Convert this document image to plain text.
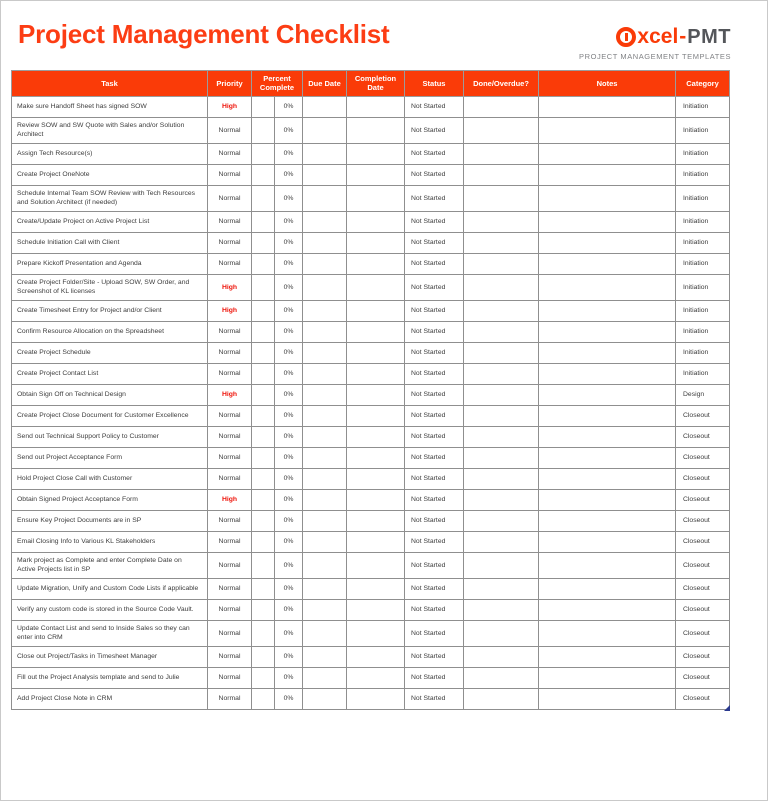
Project Management Checklist	xcel - PMT
PROJECT MANAGEMENT TEMPLATES
Task	Priority	Percent Complete		Due Date	Completion Date	Status	Done/Overdue?	Notes	Category
Make sure Handoff Sheet has signed SOW	High		0%			Not Started			Initiation
Review SOW and SW Quote with Sales and/or Solution Architect	Normal		0%			Not Started			Initiation
Assign Tech Resource(s)	Normal		0%			Not Started			Initiation
Create Project OneNote	Normal		0%			Not Started			Initiation
Schedule Internal Team SOW Review with Tech Resources and Solution Architect (if needed)	Normal		0%			Not Started			Initiation
Create/Update Project on Active Project List	Normal		0%			Not Started			Initiation
Schedule Initiation Call with Client	Normal		0%			Not Started			Initiation
Prepare Kickoff Presentation and Agenda	Normal		0%			Not Started			Initiation
Create Project Folder/Site - Upload SOW, SW Order, and Screenshot of KL licenses	High		0%			Not Started			Initiation
Create Timesheet Entry for Project and/or Client	High		0%			Not Started			Initiation
Confirm Resource Allocation on the Spreadsheet	Normal		0%			Not Started			Initiation
Create Project Schedule	Normal		0%			Not Started			Initiation
Create Project Contact List	Normal		0%			Not Started			Initiation
Obtain Sign Off on Technical Design	High		0%			Not Started			Design
Create Project Close Document for Customer Excellence	Normal		0%			Not Started			Closeout
Send out Technical Support Policy to Customer	Normal		0%			Not Started			Closeout
Send out Project Acceptance Form	Normal		0%			Not Started			Closeout
Hold Project Close Call with Customer	Normal		0%			Not Started			Closeout
Obtain Signed Project Acceptance Form	High		0%			Not Started			Closeout
Ensure Key Project Documents are in SP	Normal		0%			Not Started			Closeout
Email Closing Info to Various KL Stakeholders	Normal		0%			Not Started			Closeout
Mark project as Complete and enter Complete Date on Active Projects list in SP	Normal		0%			Not Started			Closeout
Update Migration, Unify and Custom Code Lists if applicable	Normal		0%			Not Started			Closeout
Verify any custom code is stored in the Source Code Vault.	Normal		0%			Not Started			Closeout
Update Contact List and send to Inside Sales so they can enter into CRM	Normal		0%			Not Started			Closeout
Close out Project/Tasks in Timesheet Manager	Normal		0%			Not Started			Closeout
Fill out the Project Analysis template and send to Julie	Normal		0%			Not Started			Closeout
Add Project Close Note in CRM	Normal		0%			Not Started			Closeout
